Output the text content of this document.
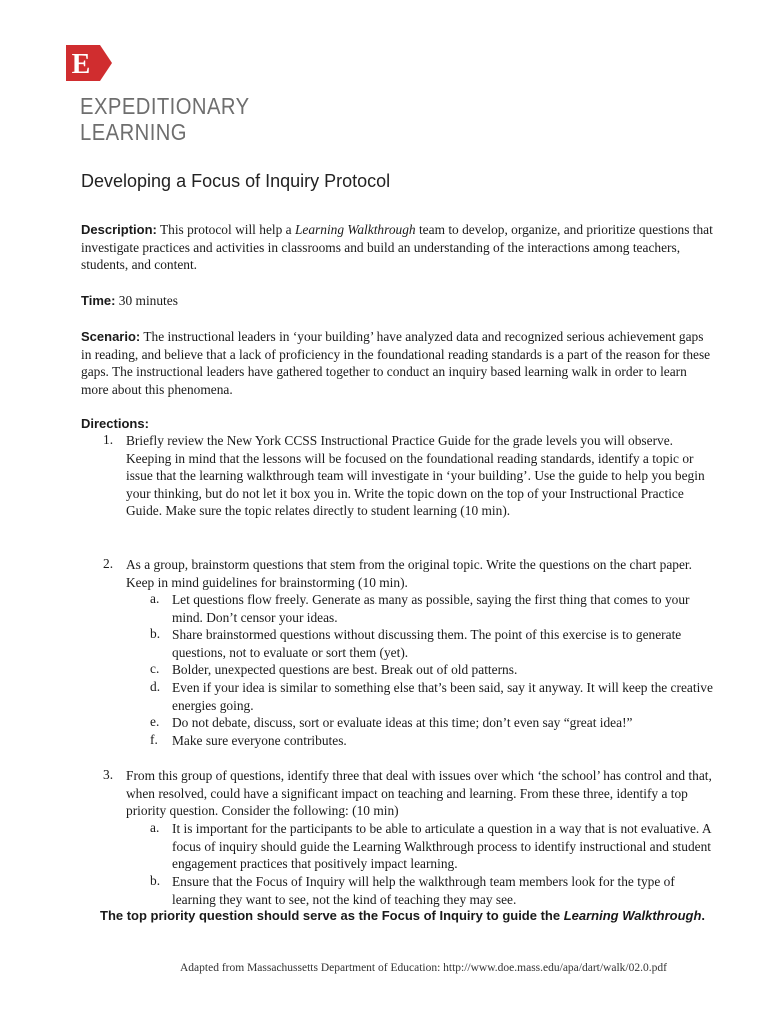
E
EXPEDITIONARY
LEARNING
Developing a Focus of Inquiry Protocol
Description: This protocol will help a Learning Walkthrough team to develop, organize, and prioritize questions that investigate practices and activities in classrooms and build an understanding of the interactions among teachers, students, and content.
Time: 30 minutes
Scenario: The instructional leaders in ‘your building’ have analyzed data and recognized serious achievement gaps in reading, and believe that a lack of proficiency in the foundational reading standards is a part of the reason for these gaps. The instructional leaders have gathered together to conduct an inquiry based learning walk in order to learn more about this phenomena.
Directions:
1. Briefly review the New York CCSS Instructional Practice Guide for the grade levels you will observe. Keeping in mind that the lessons will be focused on the foundational reading standards, identify a topic or issue that the learning walkthrough team will investigate in ‘your building’. Use the guide to help you begin your thinking, but do not let it box you in. Write the topic down on the top of your Instructional Practice Guide. Make sure the topic relates directly to student learning (10 min).
2. As a group, brainstorm questions that stem from the original topic. Write the questions on the chart paper. Keep in mind guidelines for brainstorming (10 min).
a. Let questions flow freely. Generate as many as possible, saying the first thing that comes to your mind. Don’t censor your ideas.
b. Share brainstormed questions without discussing them. The point of this exercise is to generate questions, not to evaluate or sort them (yet).
c. Bolder, unexpected questions are best. Break out of old patterns.
d. Even if your idea is similar to something else that’s been said, say it anyway. It will keep the creative energies going.
e. Do not debate, discuss, sort or evaluate ideas at this time; don’t even say “great idea!”
f. Make sure everyone contributes.
3. From this group of questions, identify three that deal with issues over which ‘the school’ has control and that, when resolved, could have a significant impact on teaching and learning. From these three, identify a top priority question. Consider the following: (10 min)
a. It is important for the participants to be able to articulate a question in a way that is not evaluative. A focus of inquiry should guide the Learning Walkthrough process to identify instructional and student engagement practices that positively impact learning.
b. Ensure that the Focus of Inquiry will help the walkthrough team members look for the type of learning they want to see, not the kind of teaching they may see.
The top priority question should serve as the Focus of Inquiry to guide the Learning Walkthrough.
Adapted from Massachussetts Department of Education: http://www.doe.mass.edu/apa/dart/walk/02.0.pdf
